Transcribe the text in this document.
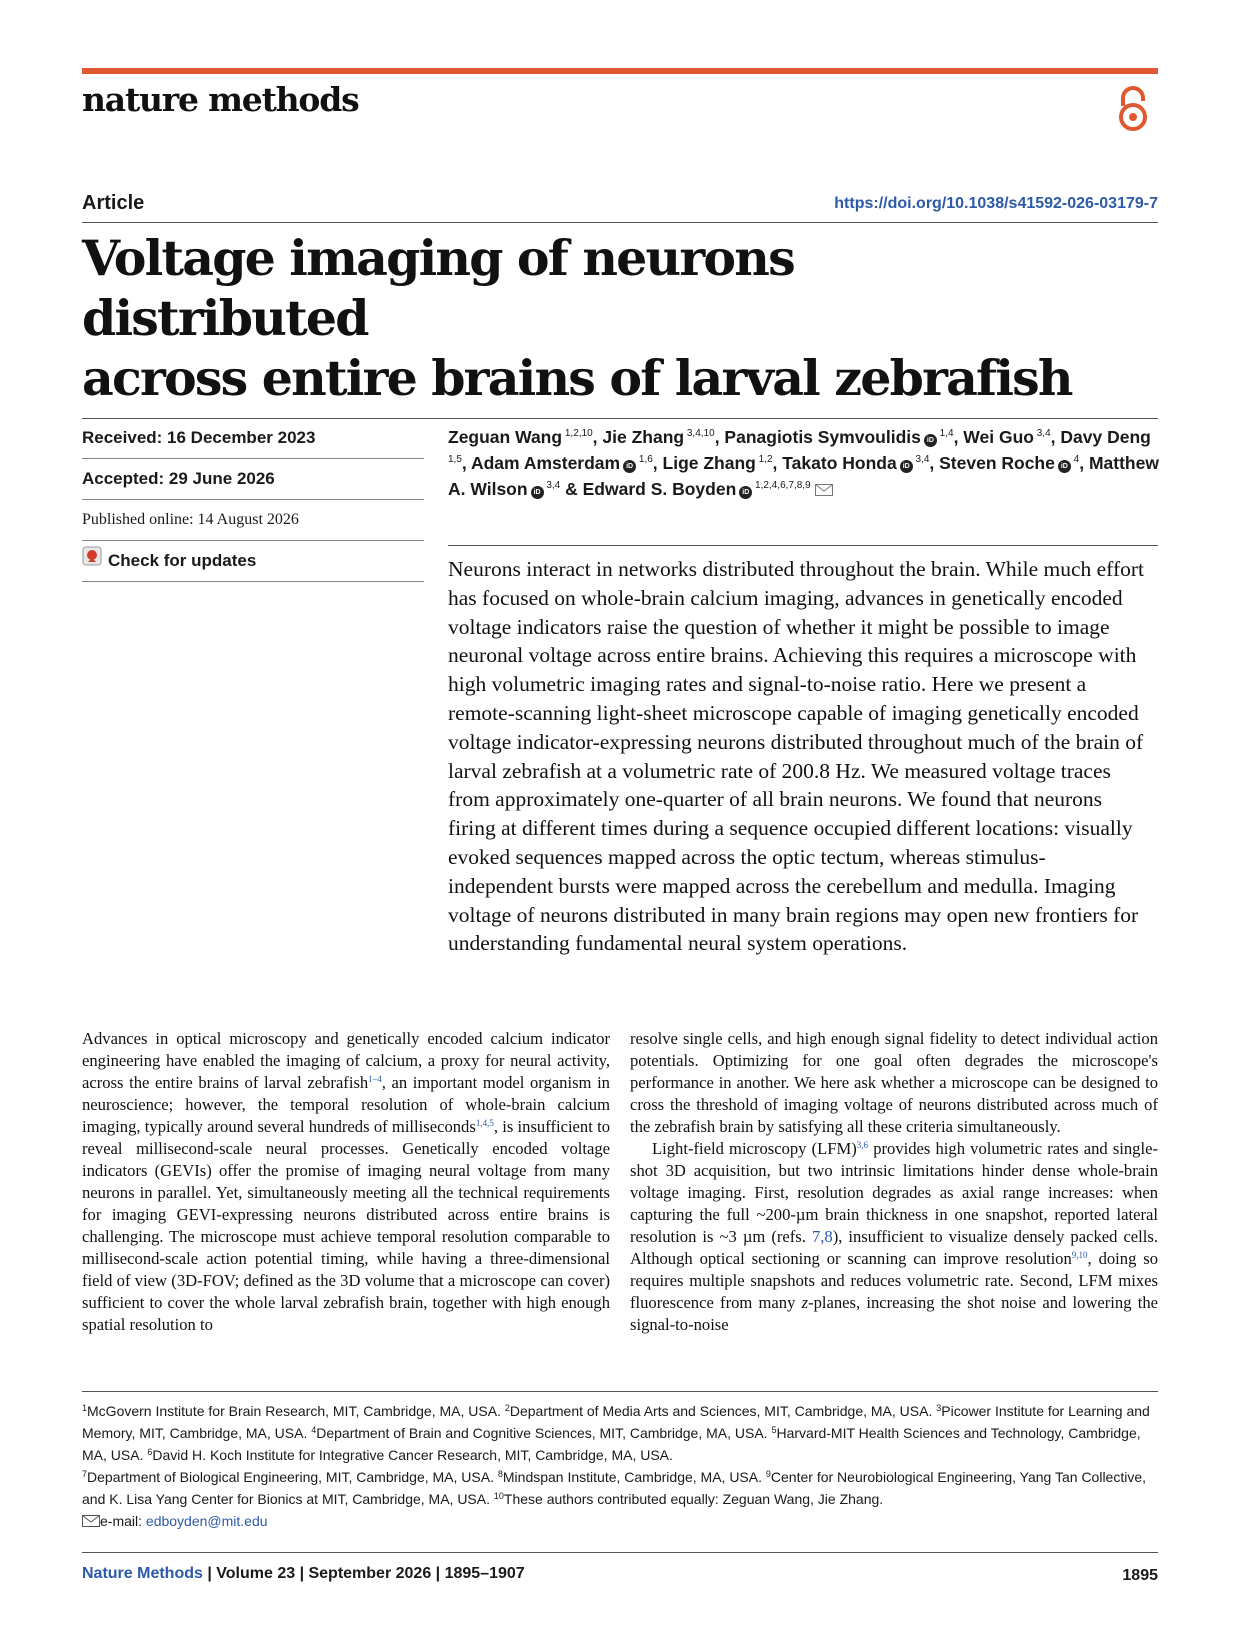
nature methods
Article	https://doi.org/10.1038/s41592-026-03179-7
Voltage imaging of neurons distributed
across entire brains of larval zebrafish
Received: 16 December 2023
Accepted: 29 June 2026
Published online: 14 August 2026
Check for updates
Zeguan Wang $^{1,2,10}$, Jie Zhang $^{3,4,10}$, Panagiotis Symvoulidis iD $^{1,4}$, Wei Guo $^{3,4}$, Davy Deng $^{1,5}$, Adam Amsterdam iD $^{1,6}$, Lige Zhang $^{1,2}$, Takato Honda iD $^{3,4}$, Steven Roche iD $^4$, Matthew A. Wilson iD $^{3,4}$ & Edward S. Boyden iD $^{1,2,4,6,7,8,9}$

Neurons interact in networks distributed throughout the brain. While much effort has focused on whole-brain calcium imaging, advances in genetically encoded voltage indicators raise the question of whether it might be possible to image neuronal voltage across entire brains. Achieving this requires a microscope with high volumetric imaging rates and signal-to-noise ratio. Here we present a remote-scanning light-sheet microscope capable of imaging genetically encoded voltage indicator-expressing neurons distributed throughout much of the brain of larval zebrafish at a volumetric rate of 200.8 Hz. We measured voltage traces from approximately one-quarter of all brain neurons. We found that neurons firing at different times during a sequence occupied different locations: visually evoked sequences mapped across the optic tectum, whereas stimulus-independent bursts were mapped across the cerebellum and medulla. Imaging voltage of neurons distributed in many brain regions may open new frontiers for understanding fundamental neural system operations.

Advances in optical microscopy and genetically encoded calcium indicator engineering have enabled the imaging of calcium, a proxy for neural activity, across the entire brains of larval zebrafish$^{1-4}$, an important model organism in neuroscience; however, the temporal resolution of whole-brain calcium imaging, typically around several hundreds of milliseconds$^{1,4,5}$, is insufficient to reveal millisecond-scale neural processes. Genetically encoded voltage indicators (GEVIs) offer the promise of imaging neural voltage from many neurons in parallel. Yet, simultaneously meeting all the technical requirements for imaging GEVI-expressing neurons distributed across entire brains is challenging. The microscope must achieve temporal resolution comparable to millisecond-scale action potential timing, while having a three-dimensional field of view (3D-FOV; defined as the 3D volume that a microscope can cover) sufficient to cover the whole larval zebrafish brain, together with high enough spatial resolution to

resolve single cells, and high enough signal fidelity to detect individual action potentials. Optimizing for one goal often degrades the microscope's performance in another. We here ask whether a microscope can be designed to cross the threshold of imaging voltage of neurons distributed across much of the zebrafish brain by satisfying all these criteria simultaneously.

Light-field microscopy (LFM)$^{3,6}$ provides high volumetric rates and single-shot 3D acquisition, but two intrinsic limitations hinder dense whole-brain voltage imaging. First, resolution degrades as axial range increases: when capturing the full ~200-µm brain thickness in one snapshot, reported lateral resolution is ~3 µm (refs. 7,8), insufficient to visualize densely packed cells. Although optical sectioning or scanning can improve resolution$^{9,10}$, doing so requires multiple snapshots and reduces volumetric rate. Second, LFM mixes fluorescence from many z-planes, increasing the shot noise and lowering the signal-to-noise

$^1$McGovern Institute for Brain Research, MIT, Cambridge, MA, USA. $^2$Department of Media Arts and Sciences, MIT, Cambridge, MA, USA. $^3$Picower Institute for Learning and Memory, MIT, Cambridge, MA, USA. $^4$Department of Brain and Cognitive Sciences, MIT, Cambridge, MA, USA. $^5$Harvard-MIT Health Sciences and Technology, Cambridge, MA, USA. $^6$David H. Koch Institute for Integrative Cancer Research, MIT, Cambridge, MA, USA.
$^7$Department of Biological Engineering, MIT, Cambridge, MA, USA. $^8$Mindspan Institute, Cambridge, MA, USA. $^9$Center for Neurobiological Engineering, Yang Tan Collective, and K. Lisa Yang Center for Bionics at MIT, Cambridge, MA, USA. $^{10}$These authors contributed equally: Zeguan Wang, Jie Zhang.
e-mail: edboyden@mit.edu

Nature Methods | Volume 23 | September 2026 | 1895–1907	1895
